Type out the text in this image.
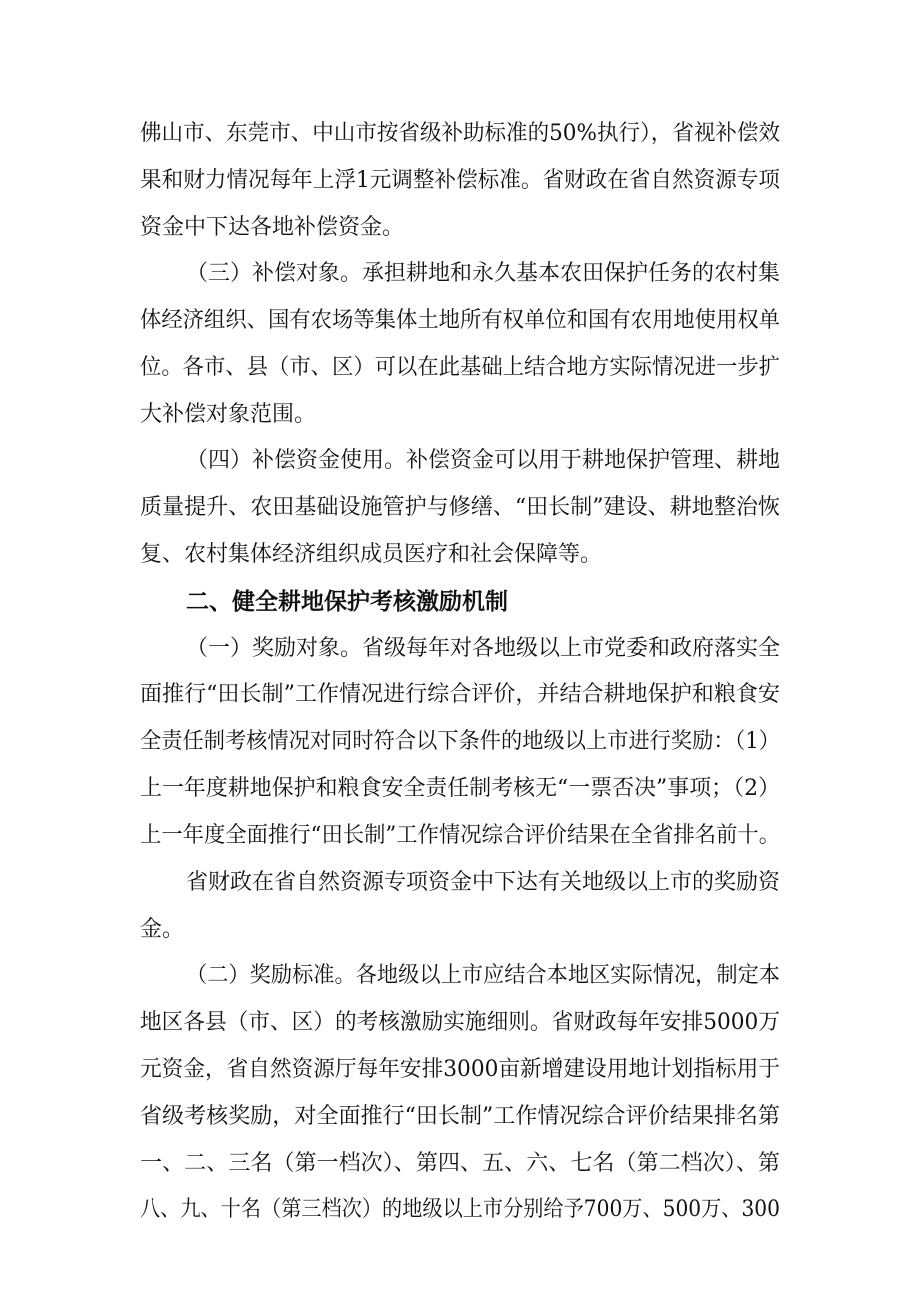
佛山市、东莞市、中山市按省级补助标准的50%执行），省视补偿效
果和财力情况每年上浮1元调整补偿标准。省财政在省自然资源专项
资金中下达各地补偿资金。
（三）补偿对象。承担耕地和永久基本农田保护任务的农村集
体经济组织、国有农场等集体土地所有权单位和国有农用地使用权单
位。各市、县（市、区）可以在此基础上结合地方实际情况进一步扩
大补偿对象范围。
（四）补偿资金使用。补偿资金可以用于耕地保护管理、耕地
质量提升、农田基础设施管护与修缮、“田长制”建设、耕地整治恢
复、农村集体经济组织成员医疗和社会保障等。
二、健全耕地保护考核激励机制
（一）奖励对象。省级每年对各地级以上市党委和政府落实全
面推行“田长制”工作情况进行综合评价，并结合耕地保护和粮食安
全责任制考核情况对同时符合以下条件的地级以上市进行奖励：（1）
上一年度耕地保护和粮食安全责任制考核无“一票否决”事项；（2）
上一年度全面推行“田长制”工作情况综合评价结果在全省排名前十。
省财政在省自然资源专项资金中下达有关地级以上市的奖励资
金。
（二）奖励标准。各地级以上市应结合本地区实际情况，制定本
地区各县（市、区）的考核激励实施细则。省财政每年安排5000万
元资金，省自然资源厅每年安排3000亩新增建设用地计划指标用于
省级考核奖励，对全面推行“田长制”工作情况综合评价结果排名第
一、二、三名（第一档次）、第四、五、六、七名（第二档次）、第
八、九、十名（第三档次）的地级以上市分别给予700万、500万、300
